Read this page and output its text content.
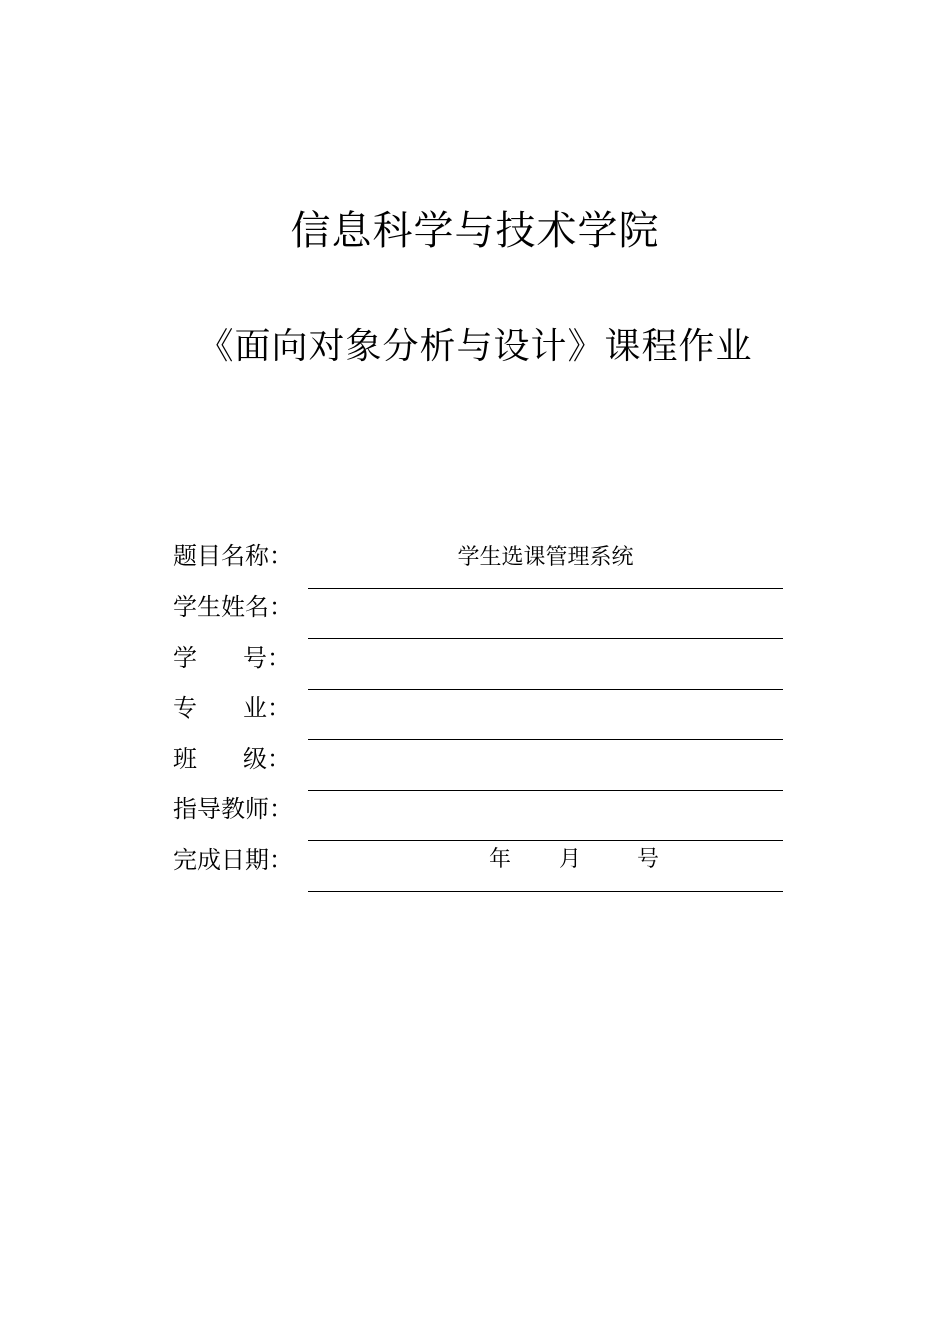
信息科学与技术学院
《面向对象分析与设计》课程作业
题目名称：	学生选课管理系统
学生姓名：
学 号：
专 业：
班 级：
指导教师：
完成日期：	年 月	号
